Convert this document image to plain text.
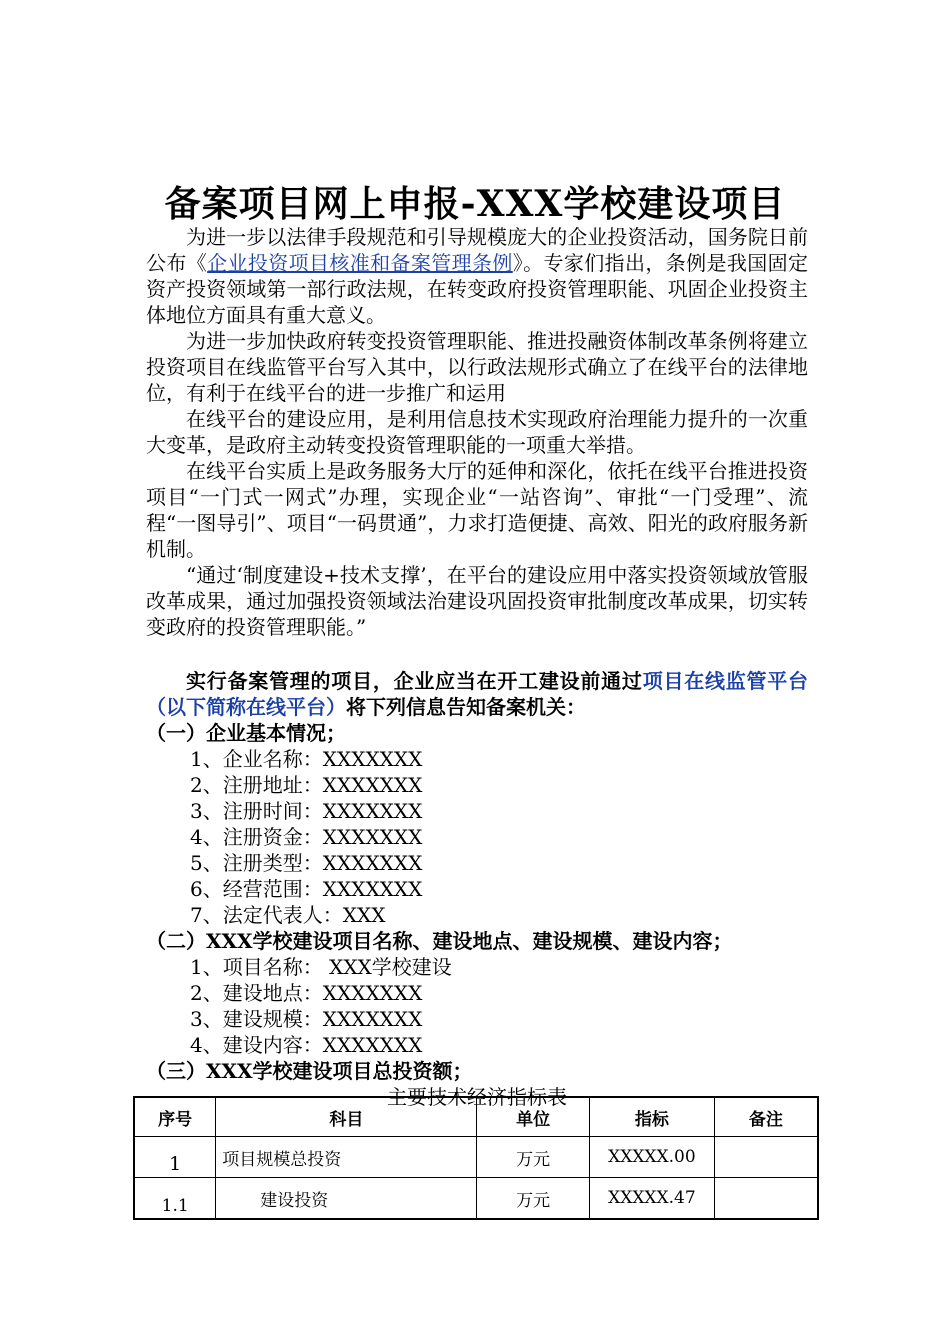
备案项目网上申报-XXX学校建设项目

为进一步以法律手段规范和引导规模庞大的企业投资活动，国务院日前公布《企业投资项目核准和备案管理条例》。专家们指出，条例是我国固定资产投资领域第一部行政法规，在转变政府投资管理职能、巩固企业投资主体地位方面具有重大意义。

为进一步加快政府转变投资管理职能、推进投融资体制改革条例将建立投资项目在线监管平台写入其中，以行政法规形式确立了在线平台的法律地位，有利于在线平台的进一步推广和运用

在线平台的建设应用，是利用信息技术实现政府治理能力提升的一次重大变革，是政府主动转变投资管理职能的一项重大举措。

在线平台实质上是政务服务大厅的延伸和深化，依托在线平台推进投资项目“一门式一网式”办理，实现企业“一站咨询”、审批“一门受理”、流程“一图导引”、项目“一码贯通”，力求打造便捷、高效、阳光的政府服务新机制。

“通过‘制度建设+技术支撑’，在平台的建设应用中落实投资领域放管服改革成果，通过加强投资领域法治建设巩固投资审批制度改革成果，切实转变政府的投资管理职能。”

实行备案管理的项目，企业应当在开工建设前通过项目在线监管平台（以下简称在线平台）将下列信息告知备案机关：

（一）企业基本情况；

1、企业名称：XXXXXXX

2、注册地址：XXXXXXX

3、注册时间：XXXXXXX

4、注册资金：XXXXXXX

5、注册类型：XXXXXXX

6、经营范围：XXXXXXX

7、法定代表人：XXX

（二）XXX学校建设项目名称、建设地点、建设规模、建设内容；

1、项目名称： XXX学校建设

2、建设地点：XXXXXXX

3、建设规模：XXXXXXX

4、建设内容：XXXXXXX

（三）XXX学校建设项目总投资额；

主要技术经济指标表

序号	科目	单位	指标	备注
1	项目规模总投资	万元	XXXXX.00	
1.1	建设投资	万元	XXXXX.47	
